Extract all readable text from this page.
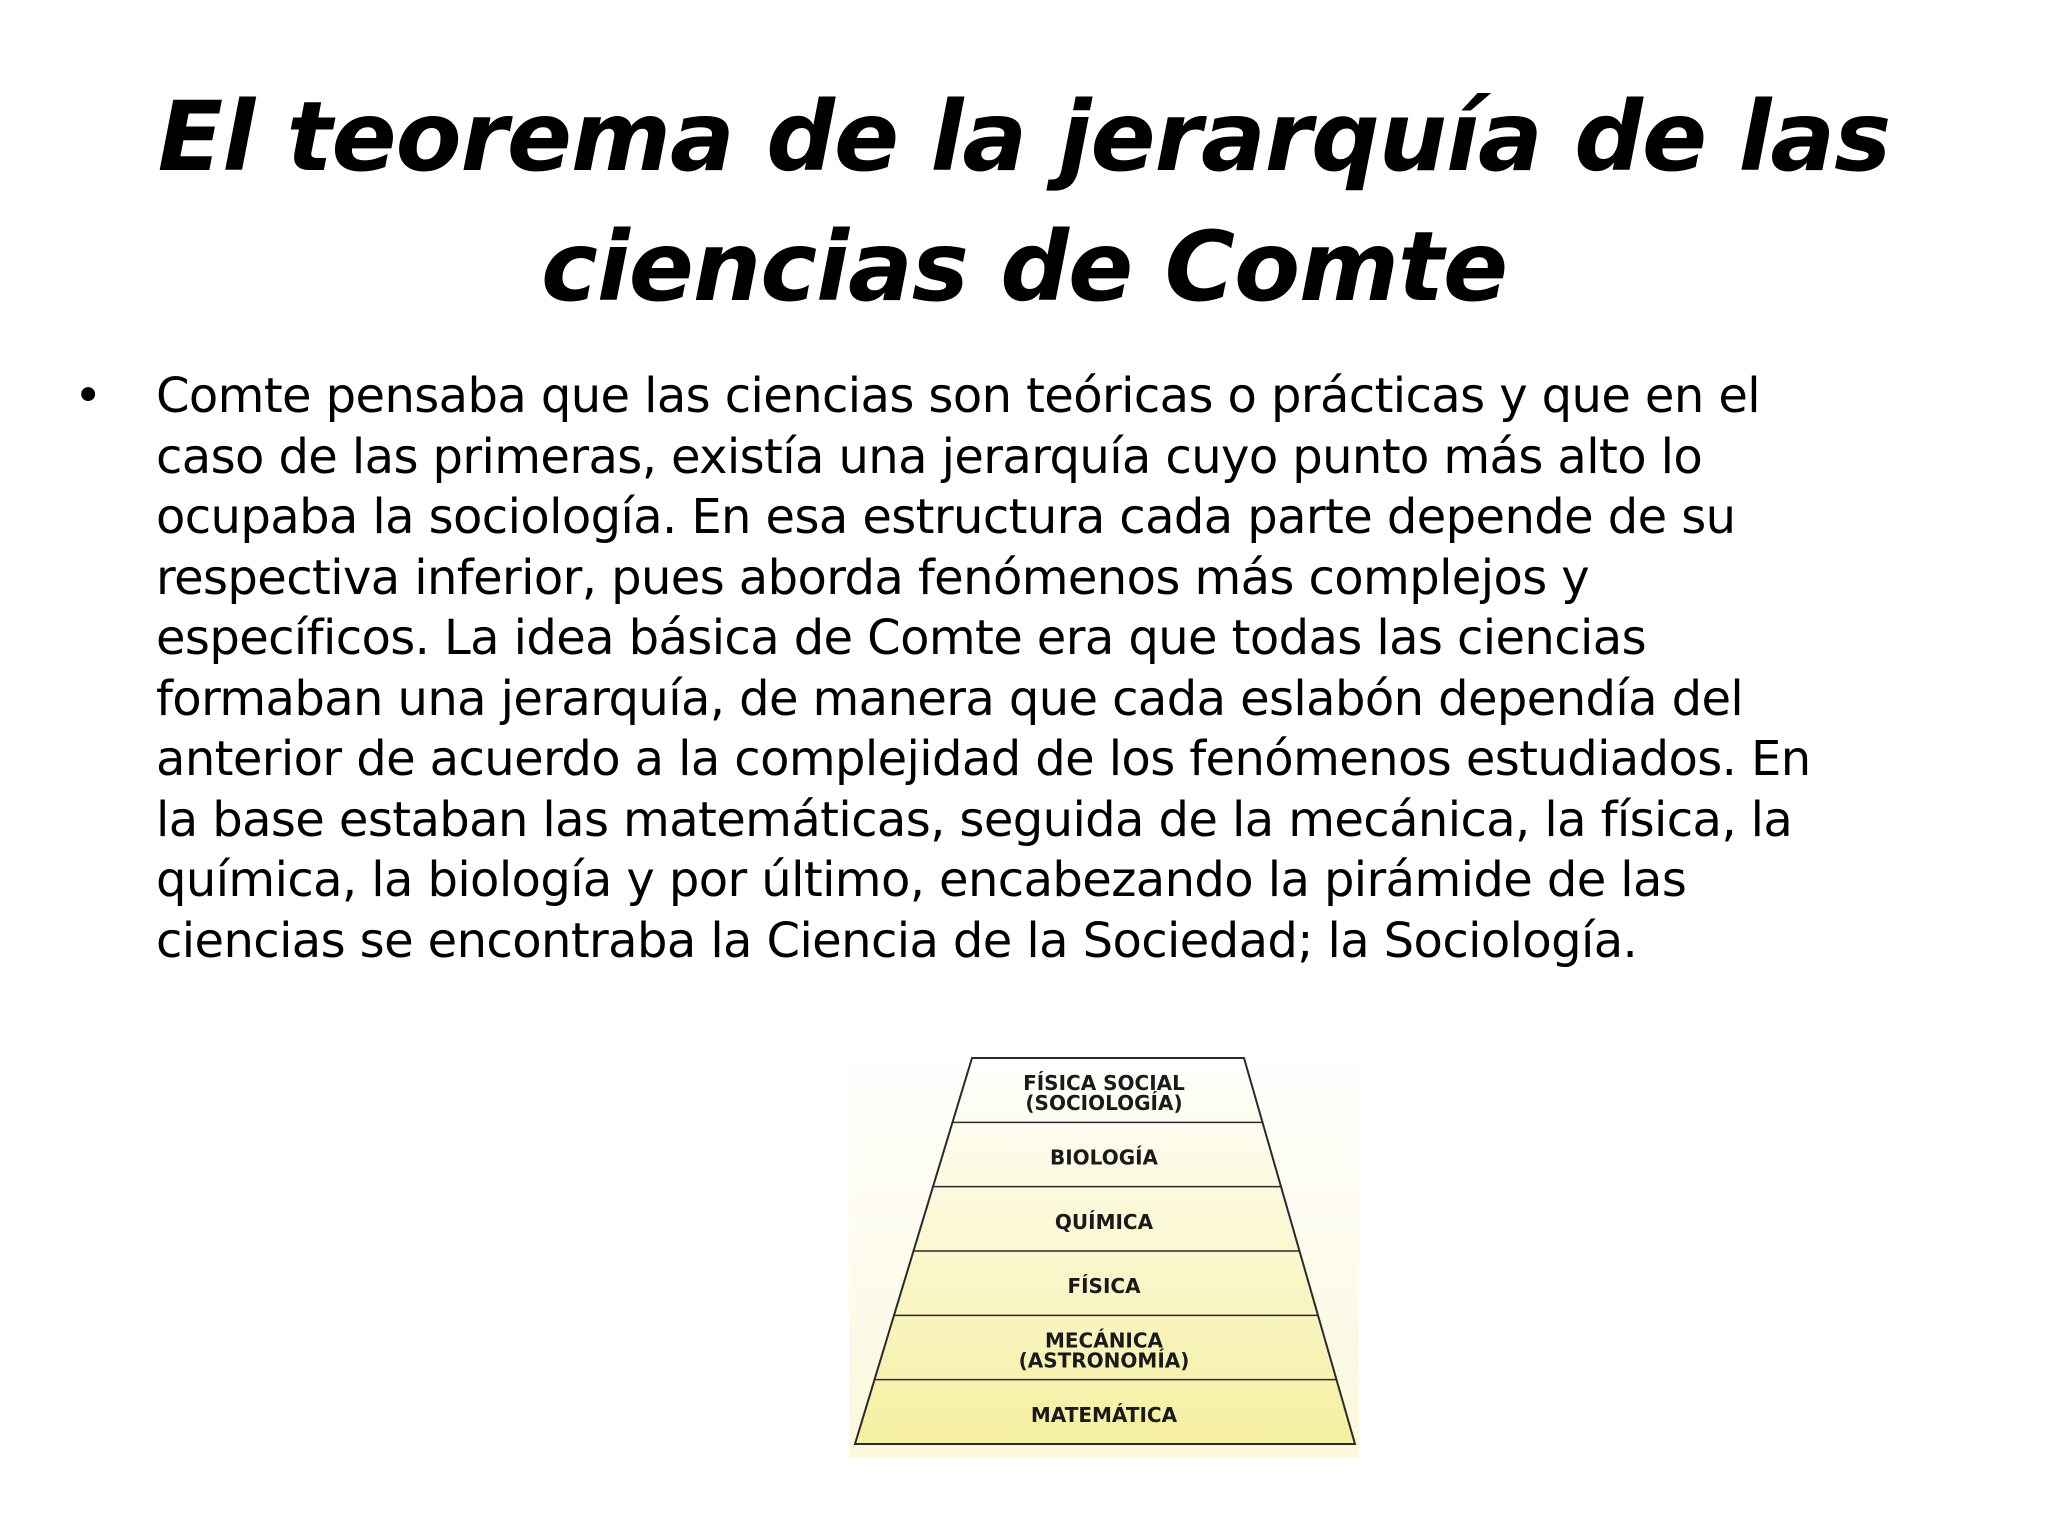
El teorema de la jerarquía de las
ciencias de Comte
• Comte pensaba que las ciencias son teóricas o prácticas y que en el
caso de las primeras, existía una jerarquía cuyo punto más alto lo
ocupaba la sociología. En esa estructura cada parte depende de su
respectiva inferior, pues aborda fenómenos más complejos y
específicos. La idea básica de Comte era que todas las ciencias
formaban una jerarquía, de manera que cada eslabón dependía del
anterior de acuerdo a la complejidad de los fenómenos estudiados. En
la base estaban las matemáticas, seguida de la mecánica, la física, la
química, la biología y por último, encabezando la pirámide de las
ciencias se encontraba la Ciencia de la Sociedad; la Sociología.

FÍSICA SOCIAL
(SOCIOLOGÍA)
BIOLOGÍA
QUÍMICA
FÍSICA
MECÁNICA
(ASTRONOMÍA)
MATEMÁTICA
